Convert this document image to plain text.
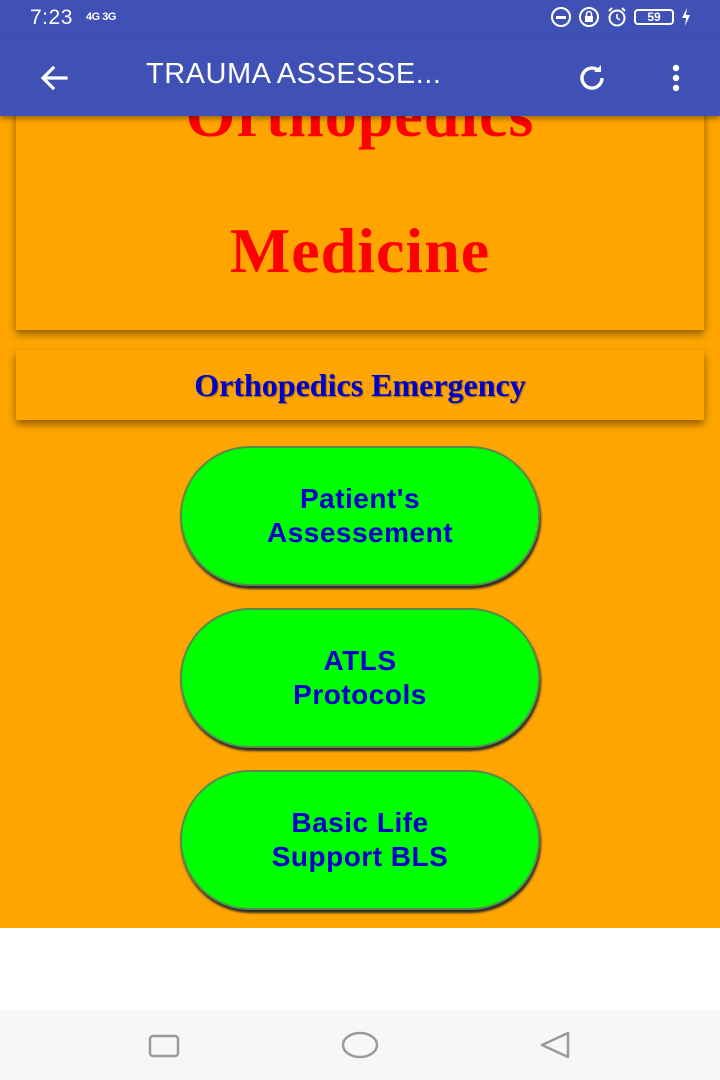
7:23 4G 3G	59
TRAUMA ASSESSE...
Medicine
Orthopedics Emergency
Patient's
Assessement
ATLS
Protocols
Basic Life
Support BLS
